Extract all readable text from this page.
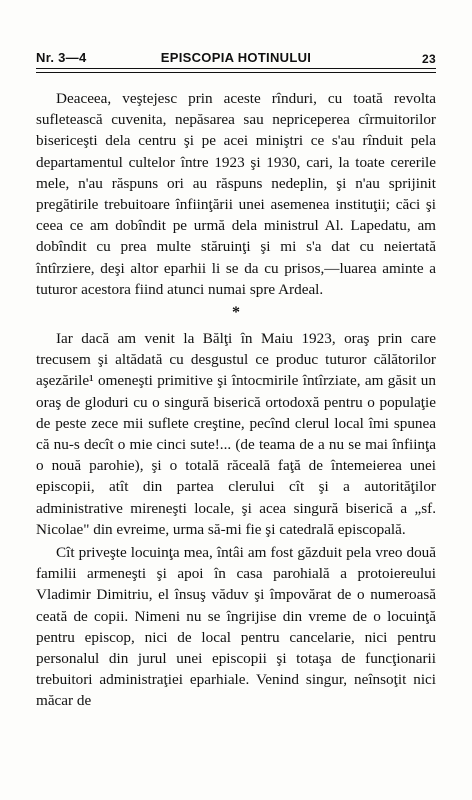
Nr. 3—4	EPISCOPIA HOTINULUI	23

Deaceea, veştejesc prin aceste rînduri, cu toată revolta sufletească cuvenita, nepăsarea sau nepriceperea cîrmuitorilor bisericeşti dela centru şi pe acei miniştri ce s'au rînduit pela departamentul cultelor între 1923 şi 1930, cari, la toate cererile mele, n'au răspuns ori au răspuns nedeplin, şi n'au sprijinit pregătirile trebuitoare înfiinţării unei asemenea instituţii; căci şi ceea ce am dobîndit pe urmă dela ministrul Al. Lapedatu, am dobîndit cu prea multe stăruinţi şi mi s'a dat cu neiertată întîrziere, deşi altor eparhii li se da cu prisos,—luarea aminte a tuturor acestora fiind atunci numai spre Ardeal.

*

Iar dacă am venit la Bălţi în Maiu 1923, oraş prin care trecusem şi altădată cu desgustul ce produc tuturor călătorilor aşezările¹ omeneşti primitive şi întocmirile întîrziate, am găsit un oraş de gloduri cu o singură biserică ortodoxă pentru o populaţie de peste zece mii suflete creştine, pecînd clerul local îmi spunea că nu-s decît o mie cinci sute!... (de teama de a nu se mai înfiinţa o nouă parohie), şi o totală răceală faţă de întemeierea unei episcopii, atît din partea clerului cît şi a autorităţilor administrative mireneşti locale, şi acea singură biserică a „sf. Nicolae" din evreime, urma să-mi fie şi catedrală episcopală.

Cît priveşte locuinţa mea, întâi am fost găzduit pela vreo două familii armeneşti şi apoi în casa parohială a protoiereului Vladimir Dimitriu, el însuş văduv şi împovărat de o numeroasă ceată de copii. Nimeni nu se îngrijise din vreme de o locuinţă pentru episcop, nici de local pentru cancelarie, nici pentru personalul din jurul unei episcopii şi totaşa de funcţionarii trebuitori administraţiei eparhiale. Venind singur, neînsoţit nici măcar de
